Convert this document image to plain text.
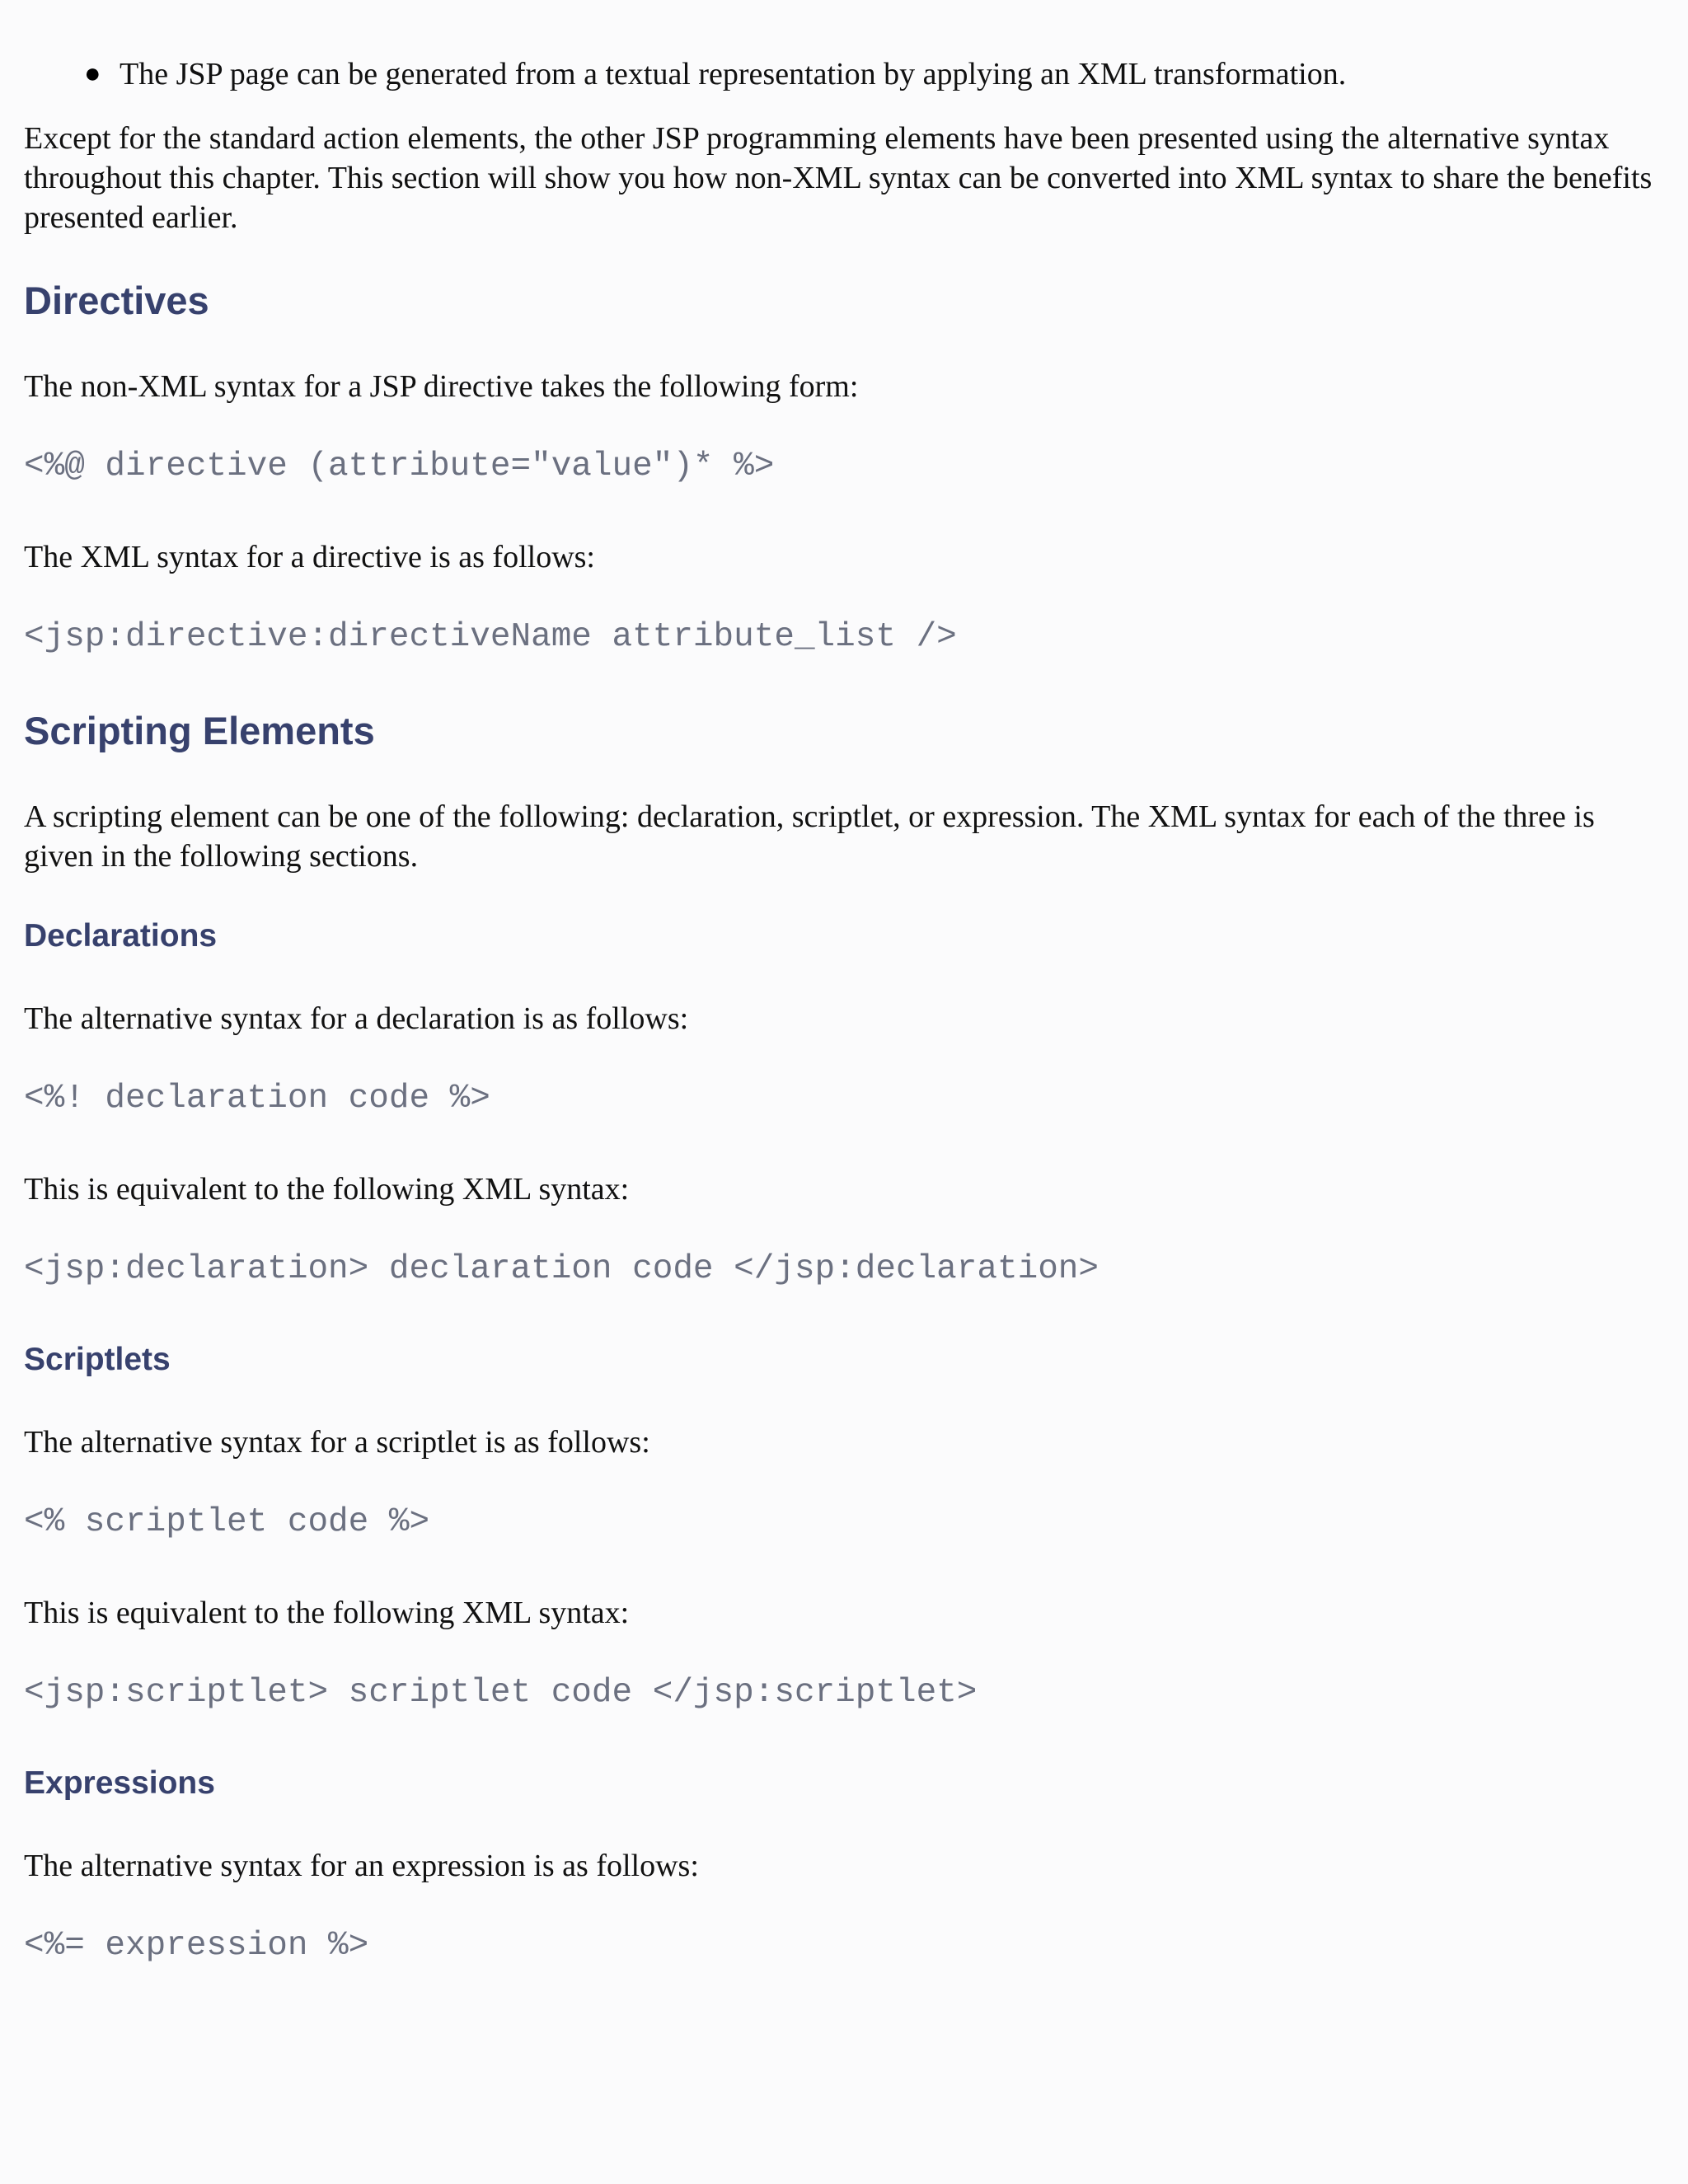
● The JSP page can be generated from a textual representation by applying an XML transformation.

Except for the standard action elements, the other JSP programming elements have been presented using the alternative syntax throughout this chapter. This section will show you how non-XML syntax can be converted into XML syntax to share the benefits presented earlier.

Directives

The non-XML syntax for a JSP directive takes the following form:

<%@ directive (attribute="value")* %>

The XML syntax for a directive is as follows:

<jsp:directive:directiveName attribute_list />
Scripting Elements

A scripting element can be one of the following: declaration, scriptlet, or expression. The XML syntax for each of the three is given in the following sections.

Declarations

The alternative syntax for a declaration is as follows:

<%! declaration code %>

This is equivalent to the following XML syntax:

<jsp:declaration> declaration code </jsp:declaration>
Scriptlets

The alternative syntax for a scriptlet is as follows:

<% scriptlet code %>

This is equivalent to the following XML syntax:

<jsp:scriptlet> scriptlet code </jsp:scriptlet>
Expressions

The alternative syntax for an expression is as follows:

<%= expression %>
